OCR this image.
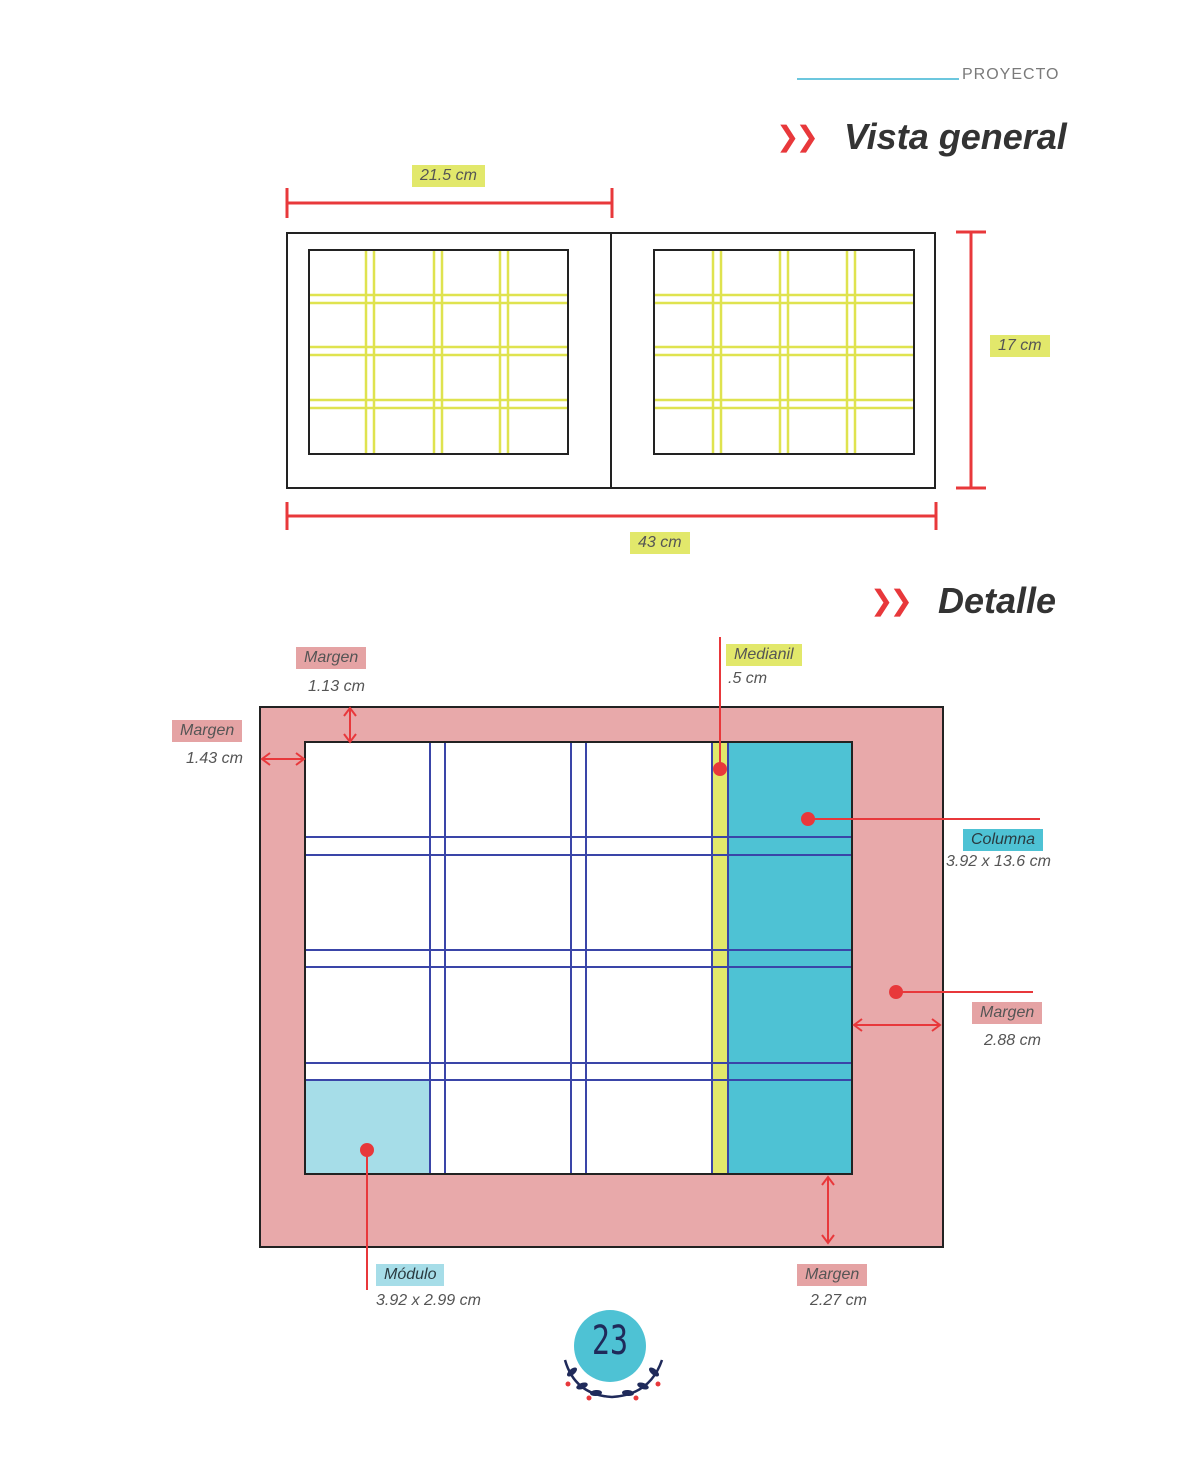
PROYECTO
❯❯ Vista general
❯❯ Detalle
21.5 cm
17 cm
43 cm
Margen
1.13 cm
Margen
1.43 cm
Medianil
.5 cm
Columna
3.92 x 13.6 cm
Margen
2.88 cm
Módulo
3.92 x 2.99 cm
Margen
2.27 cm
23
